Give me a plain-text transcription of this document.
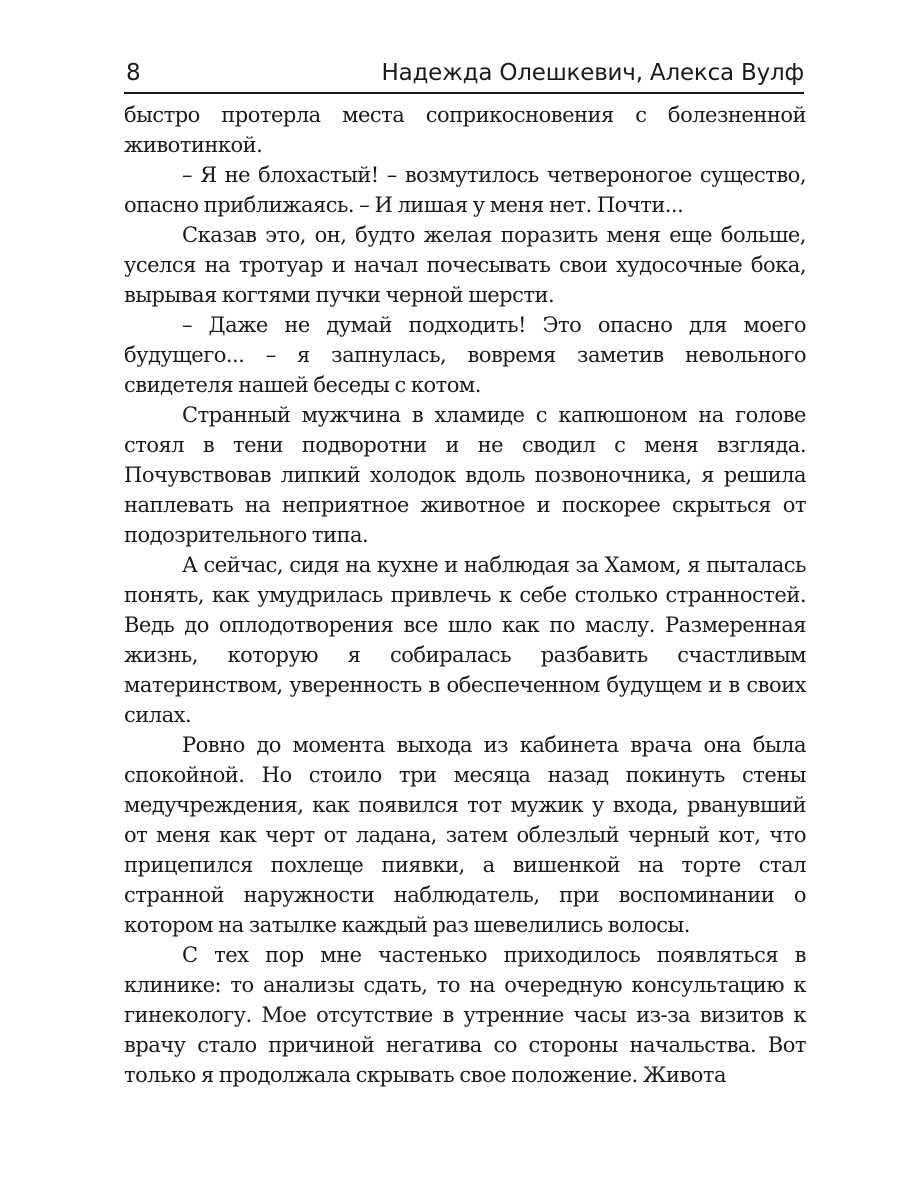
8	Надежда Олешкевич, Алекса Вулф

быстро протерла места соприкосновения с болезненной животинкой.

– Я не блохастый! – возмутилось четвероногое существо, опасно приближаясь. – И лишая у меня нет. Почти...

Сказав это, он, будто желая поразить меня еще больше, уселся на тротуар и начал почесывать свои худосочные бока, вырывая когтями пучки черной шерсти.

– Даже не думай подходить! Это опасно для моего будущего... – я запнулась, вовремя заметив невольного свидетеля нашей беседы с котом.

Странный мужчина в хламиде с капюшоном на голове стоял в тени подворотни и не сводил с меня взгляда. Почувствовав липкий холодок вдоль позвоночника, я решила наплевать на неприятное животное и поскорее скрыться от подозрительного типа.

А сейчас, сидя на кухне и наблюдая за Хамом, я пыталась понять, как умудрилась привлечь к себе столько странностей. Ведь до оплодотворения все шло как по маслу. Размеренная жизнь, которую я собиралась разбавить счастливым материнством, уверенность в обеспеченном будущем и в своих силах.

Ровно до момента выхода из кабинета врача она была спокойной. Но стоило три месяца назад покинуть стены медучреждения, как появился тот мужик у входа, рванувший от меня как черт от ладана, затем облезлый черный кот, что прицепился похлеще пиявки, а вишенкой на торте стал странной наружности наблюдатель, при воспоминании о котором на затылке каждый раз шевелились волосы.

С тех пор мне частенько приходилось появляться в клинике: то анализы сдать, то на очередную консультацию к гинекологу. Мое отсутствие в утренние часы из-за визитов к врачу стало причиной негатива со стороны начальства. Вот только я продолжала скрывать свое положение. Живота
